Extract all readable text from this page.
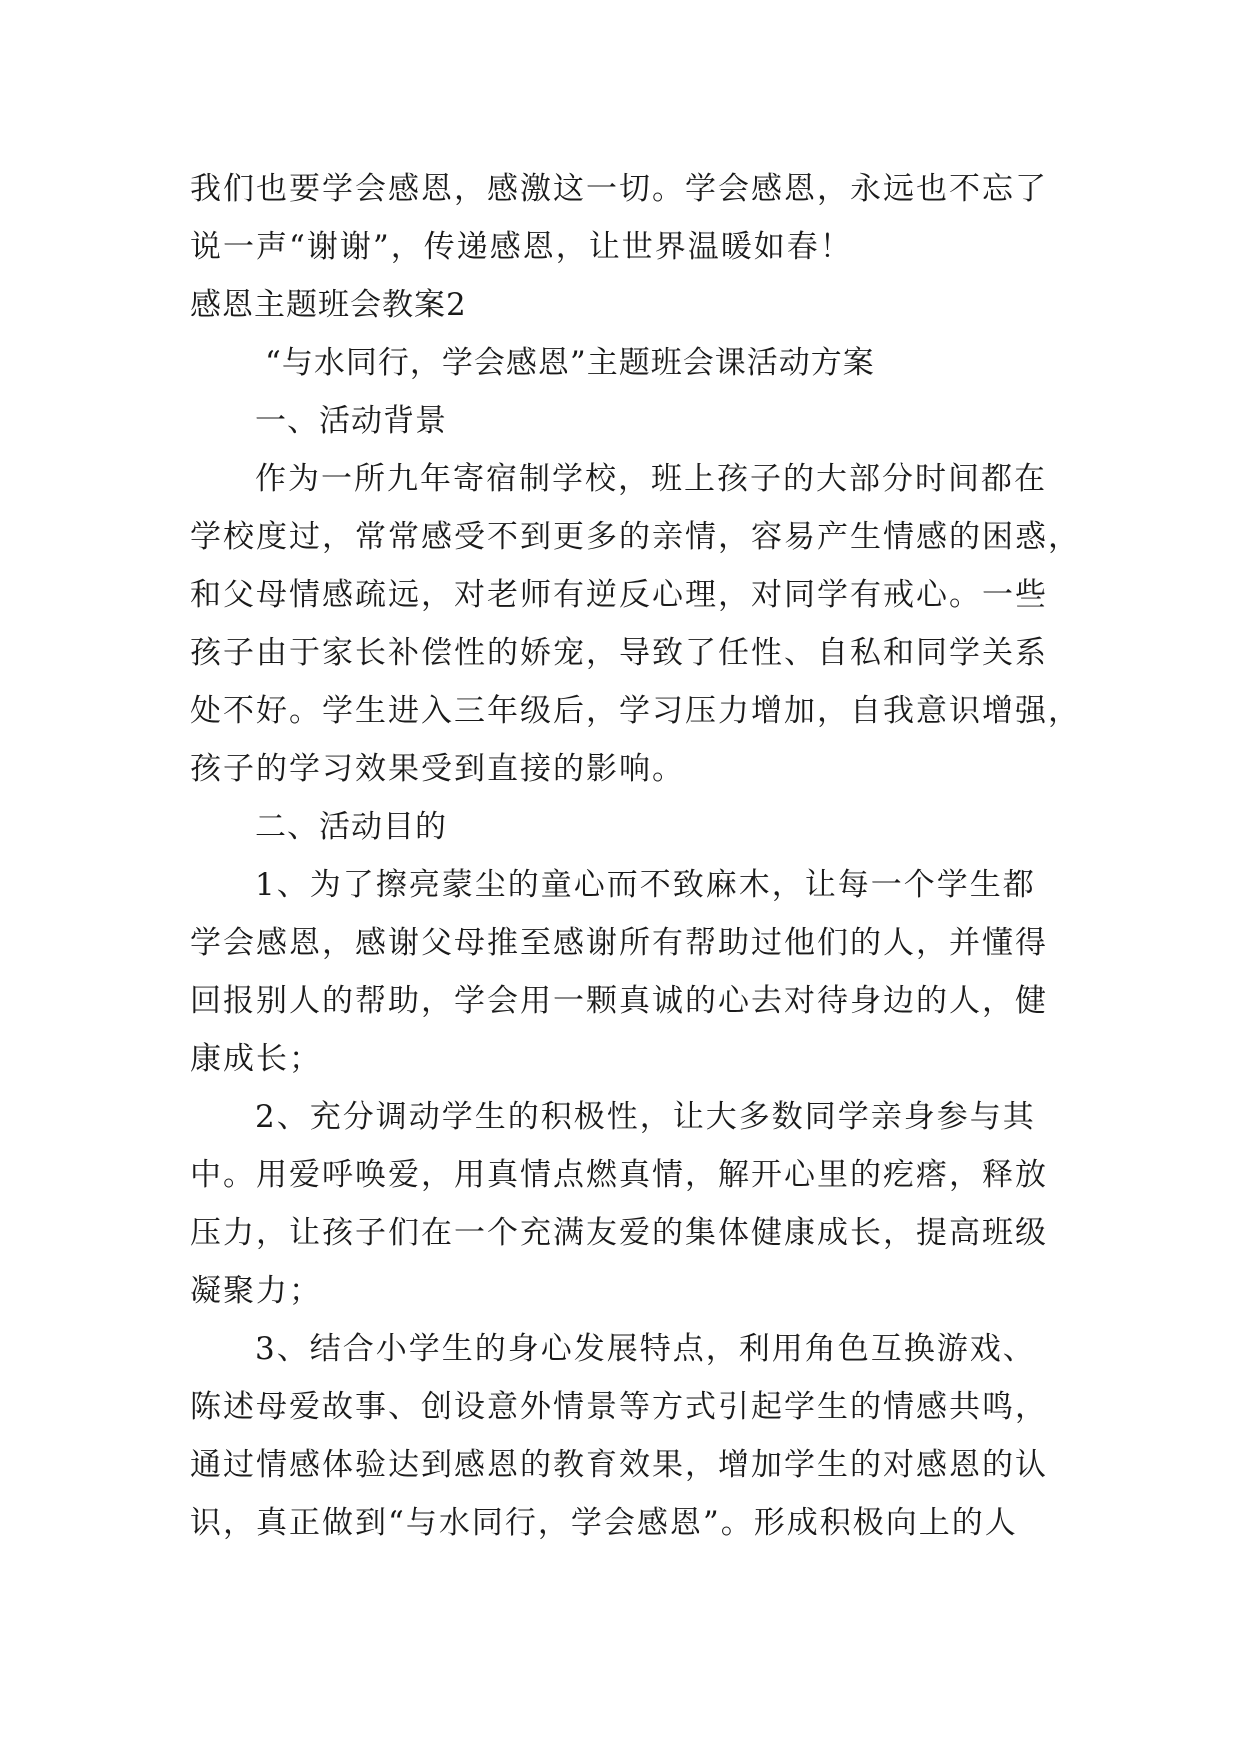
我们也要学会感恩，感激这一切。学会感恩，永远也不忘了
说一声“谢谢”，传递感恩，让世界温暖如春！
感恩主题班会教案2
“与水同行，学会感恩”主题班会课活动方案
一、活动背景
作为一所九年寄宿制学校，班上孩子的大部分时间都在
学校度过，常常感受不到更多的亲情，容易产生情感的困惑，
和父母情感疏远，对老师有逆反心理，对同学有戒心。一些
孩子由于家长补偿性的娇宠，导致了任性、自私和同学关系
处不好。学生进入三年级后，学习压力增加，自我意识增强，
孩子的学习效果受到直接的影响。
二、活动目的
1、为了擦亮蒙尘的童心而不致麻木，让每一个学生都
学会感恩，感谢父母推至感谢所有帮助过他们的人，并懂得
回报别人的帮助，学会用一颗真诚的心去对待身边的人，健
康成长；
2、充分调动学生的积极性，让大多数同学亲身参与其
中。用爱呼唤爱，用真情点燃真情，解开心里的疙瘩，释放
压力，让孩子们在一个充满友爱的集体健康成长，提高班级
凝聚力；
3、结合小学生的身心发展特点，利用角色互换游戏、
陈述母爱故事、创设意外情景等方式引起学生的情感共鸣，
通过情感体验达到感恩的教育效果，增加学生的对感恩的认
识，真正做到“与水同行，学会感恩”。形成积极向上的人
